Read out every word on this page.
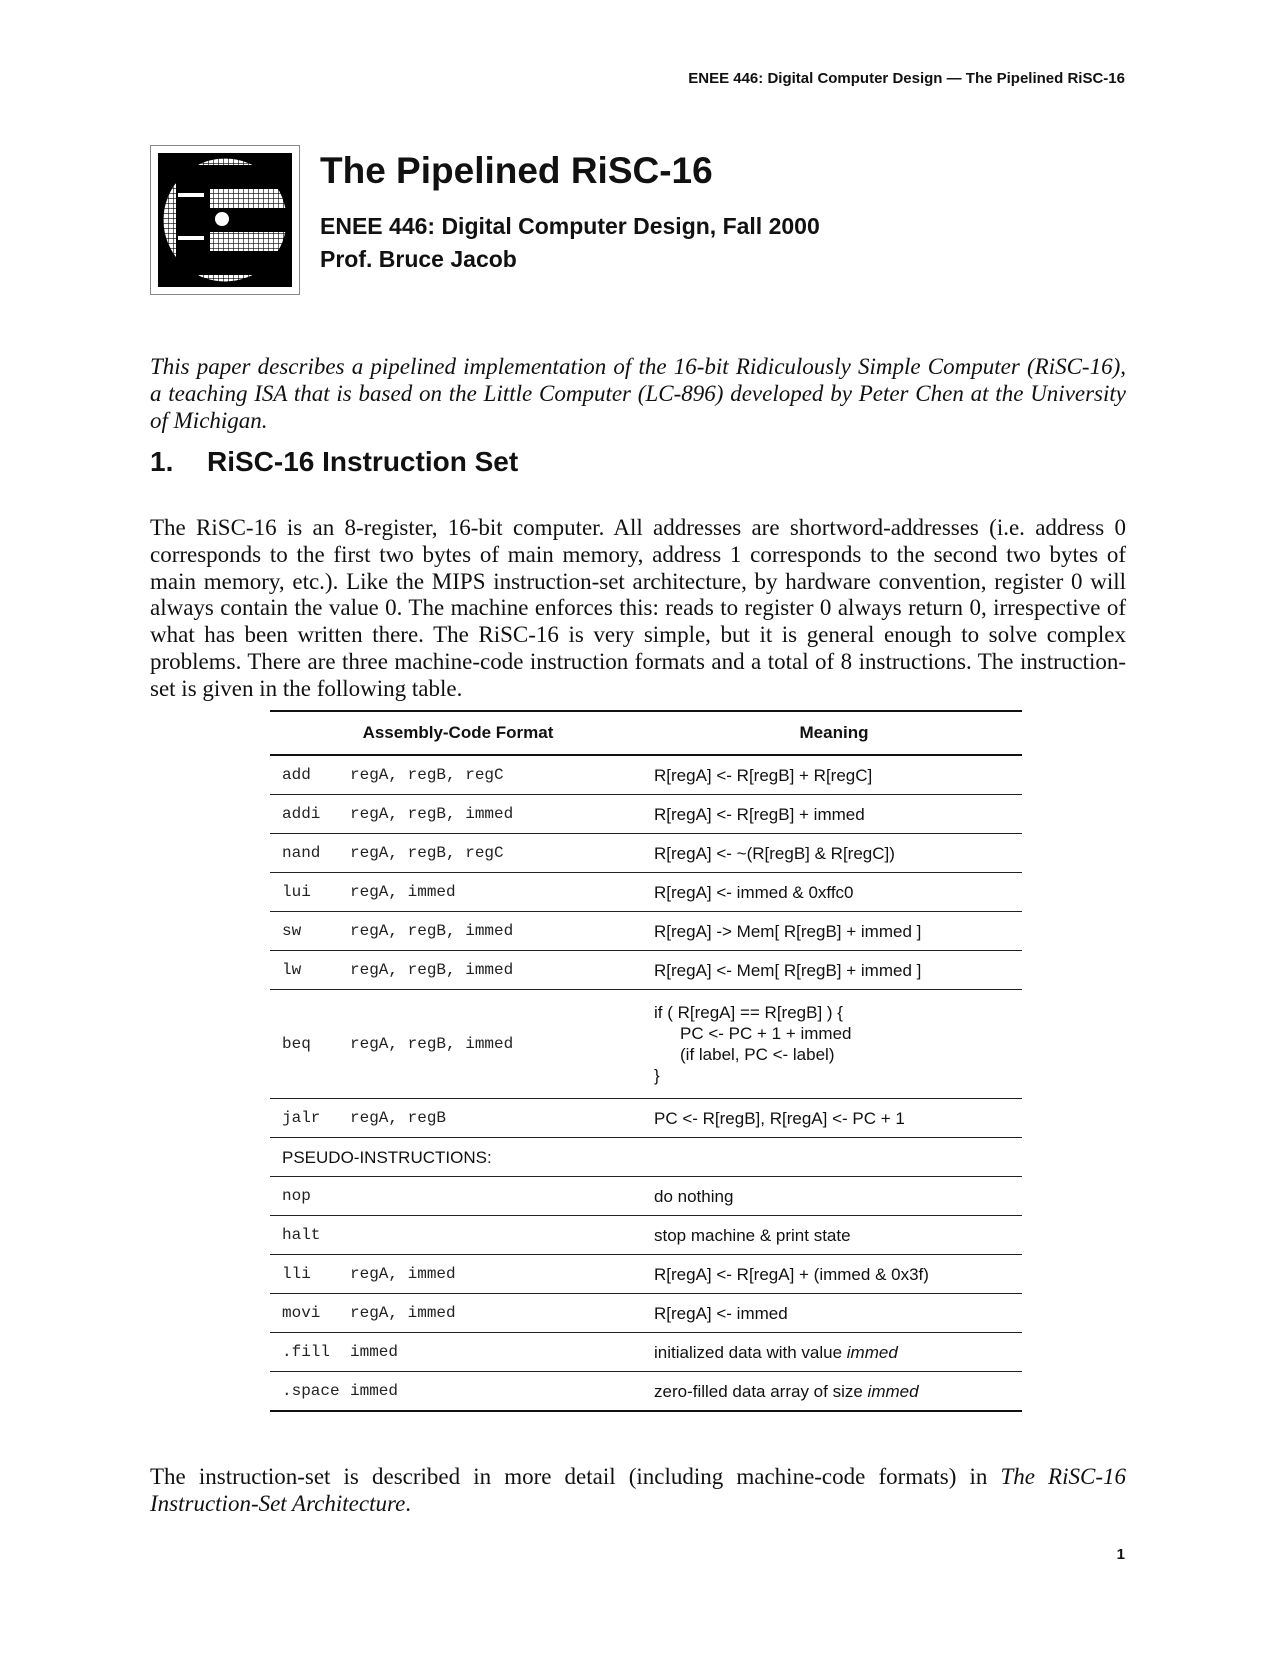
ENEE 446: Digital Computer Design — The Pipelined RiSC-16
The Pipelined RiSC-16

ENEE 446: Digital Computer Design, Fall 2000

Prof. Bruce Jacob

This paper describes a pipelined implementation of the 16-bit Ridiculously Simple Computer (RiSC-16), a teaching ISA that is based on the Little Computer (LC-896) developed by Peter Chen at the University of Michigan.

1. RiSC-16 Instruction Set

The RiSC-16 is an 8-register, 16-bit computer. All addresses are shortword-addresses (i.e. address 0 corresponds to the first two bytes of main memory, address 1 corresponds to the second two bytes of main memory, etc.). Like the MIPS instruction-set architecture, by hardware convention, register 0 will always contain the value 0. The machine enforces this: reads to register 0 always return 0, irrespective of what has been written there. The RiSC-16 is very simple, but it is general enough to solve complex problems. There are three machine-code instruction formats and a total of 8 instructions. The instruction-set is given in the following table.

Assembly-Code Format		Meaning
add	regA, regB, regC	R[regA] <- R[regB] + R[regC]
addi	regA, regB, immed	R[regA] <- R[regB] + immed
nand	regA, regB, regC	R[regA] <- ~(R[regB] & R[regC])
lui	regA, immed	R[regA] <- immed & 0xffc0
sw	regA, regB, immed	R[regA] -> Mem[ R[regB] + immed ]
lw	regA, regB, immed	R[regA] <- Mem[ R[regB] + immed ]
beq	regA, regB, immed	if ( R[regA] == R[regB] ) {
PC <- PC + 1 + immed
(if label, PC <- label)
}

jalr	regA, regB	PC <- R[regB], R[regA] <- PC + 1
PSEUDO-INSTRUCTIONS:		
nop		do nothing
halt		stop machine & print state
lli	regA, immed	R[regA] <- R[regA] + (immed & 0x3f)
movi	regA, immed	R[regA] <- immed
.fill	immed	initialized data with value immed
.space	immed	zero-filled data array of size immed

The instruction-set is described in more detail (including machine-code formats) in The RiSC-16 Instruction-Set Architecture.

1
